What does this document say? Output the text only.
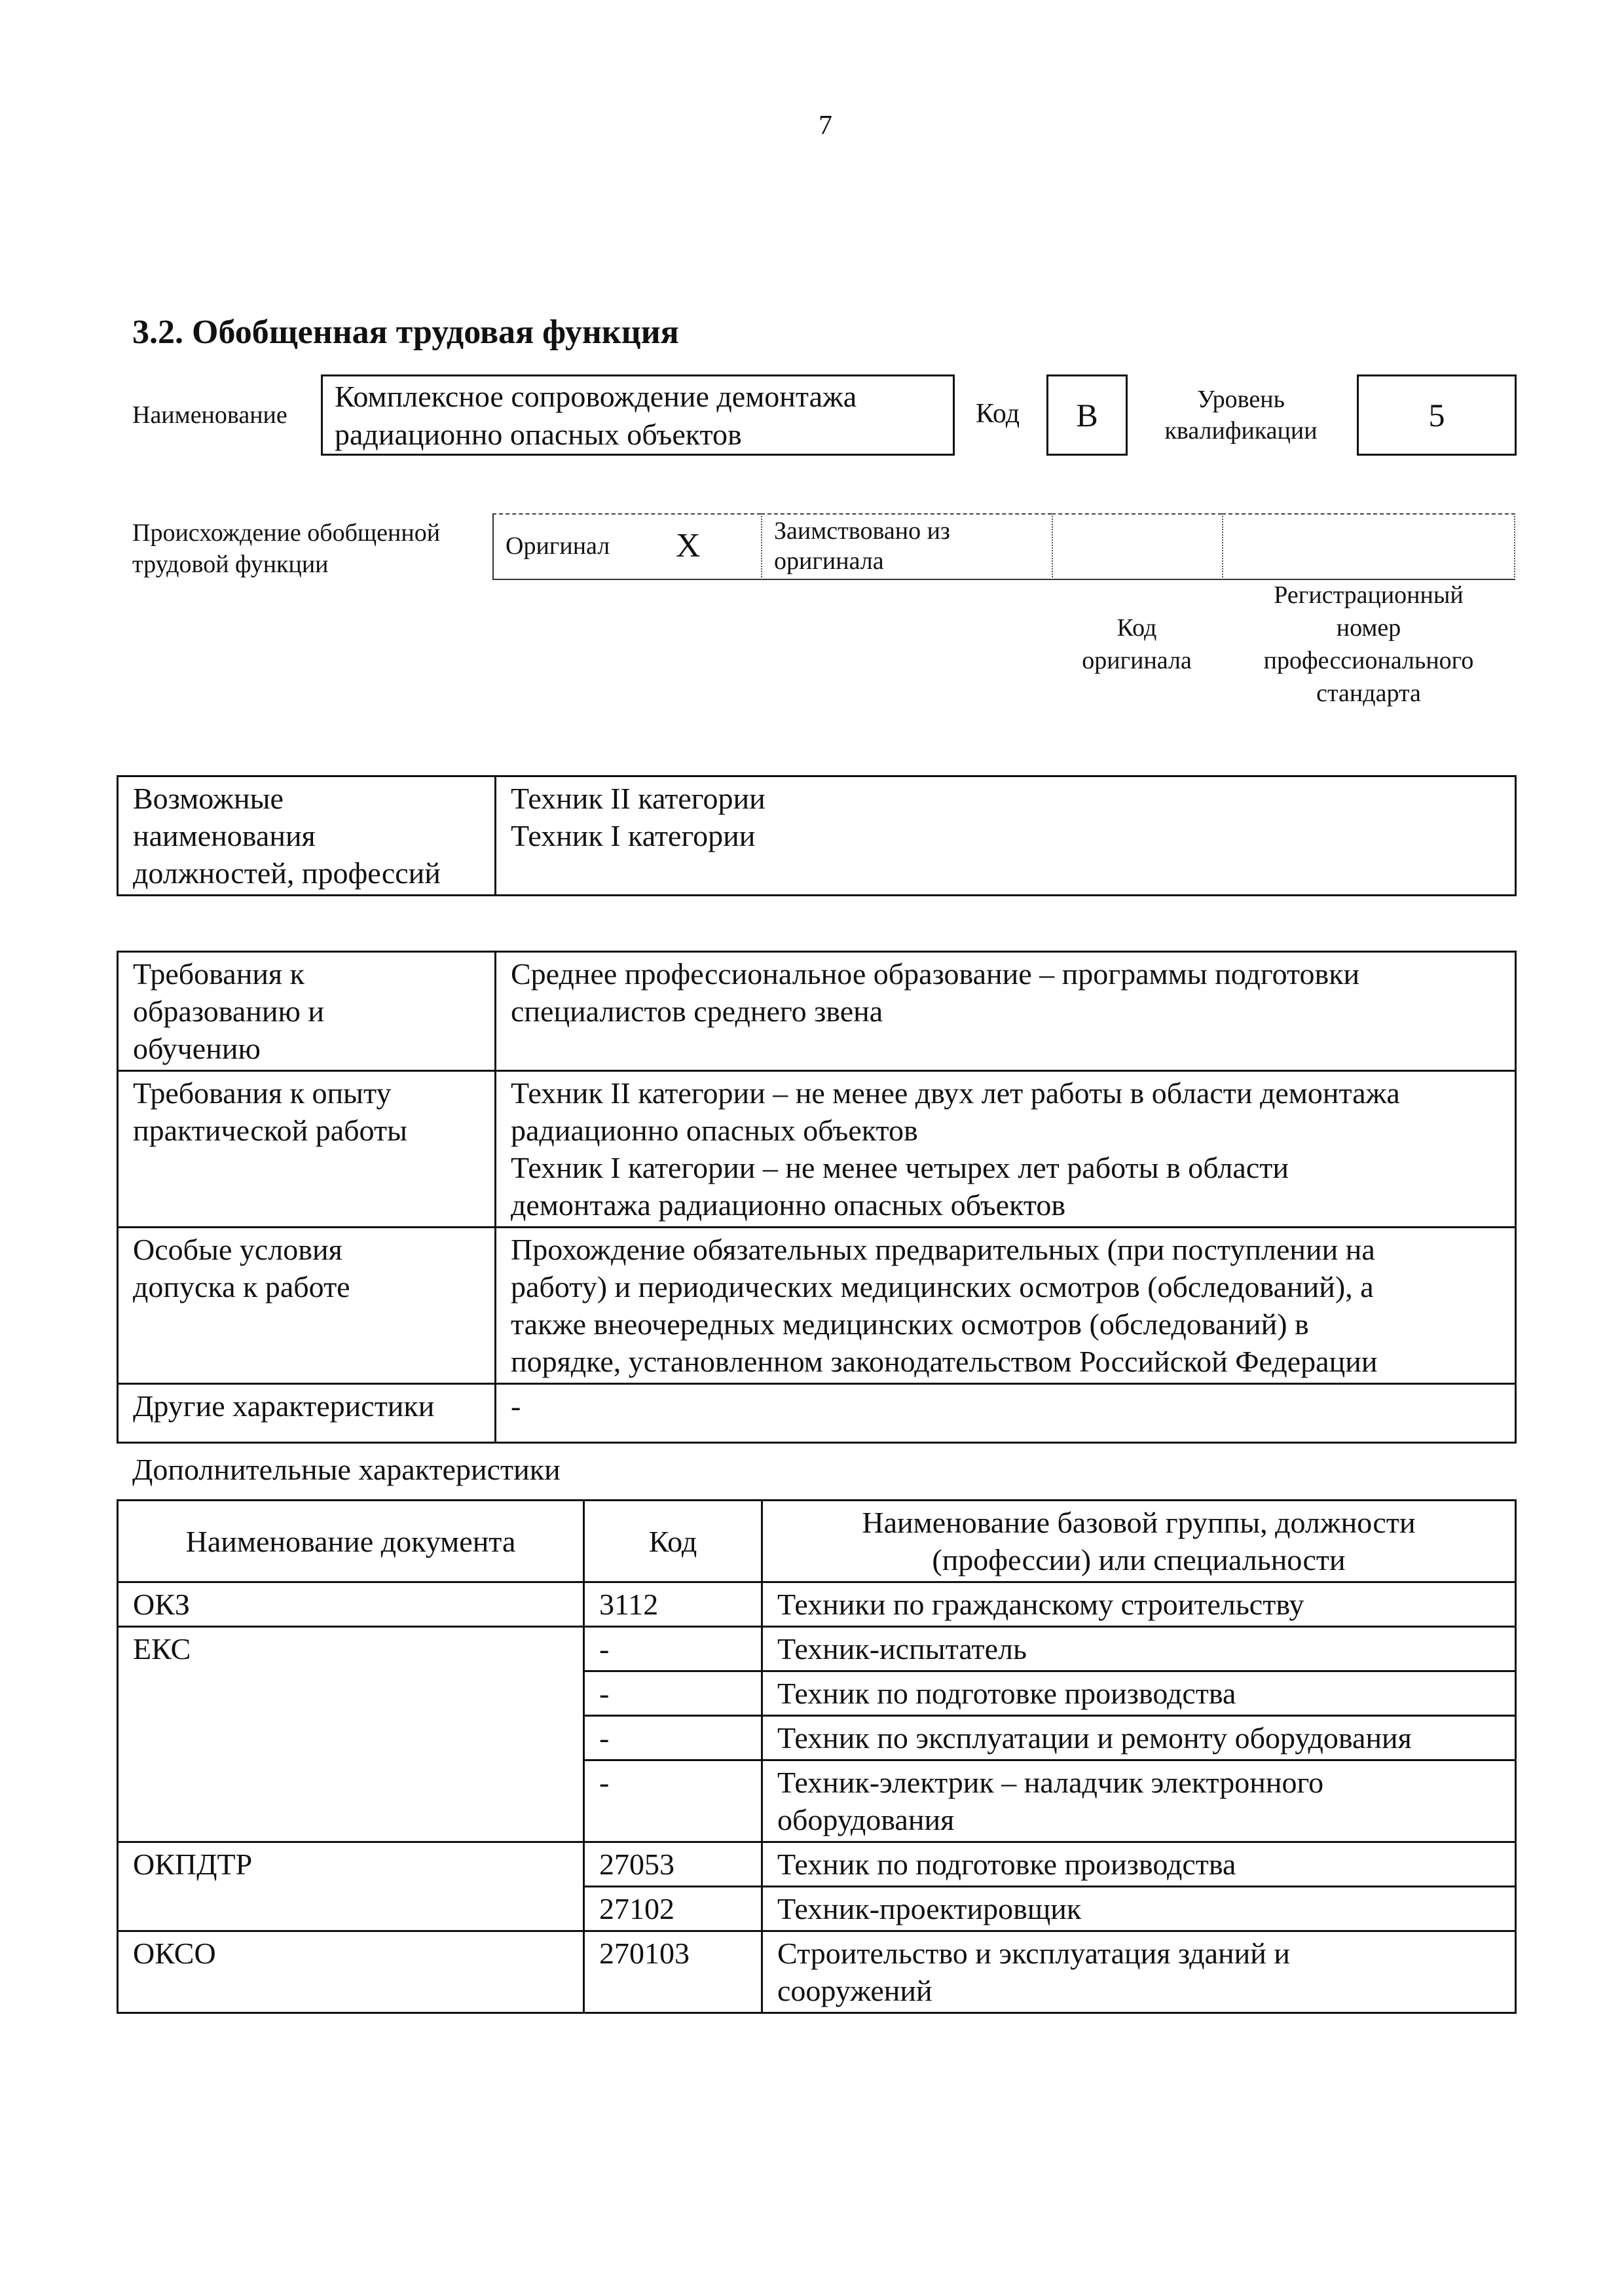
7
3.2. Обобщенная трудовая функция
Наименование
Комплексное сопровождение демонтажа радиационно опасных объектов
Код B	Уровень
квалификации	5
Происхождение обобщенной
трудовой функции
Оригинал X	Заимствовано из
оригинала
Код
оригинала
Регистрационный
номер
профессионального
стандарта
Возможные
наименования
должностей, профессий	Техник II категории
Техник I категории
Требования к
образованию и
обучению	Среднее профессиональное образование – программы подготовки
специалистов среднего звена
Требования к опыту
практической работы	Техник II категории – не менее двух лет работы в области демонтажа
радиационно опасных объектов
Техник I категории – не менее четырех лет работы в области
демонтажа радиационно опасных объектов
Особые условия
допуска к работе	Прохождение обязательных предварительных (при поступлении на
работу) и периодических медицинских осмотров (обследований), а
также внеочередных медицинских осмотров (обследований) в
порядке, установленном законодательством Российской Федерации
Другие характеристики	-
Дополнительные характеристики
Наименование документа	Код	Наименование базовой группы, должности
(профессии) или специальности
ОКЗ	3112	Техники по гражданскому строительству
ЕКС	-	Техник-испытатель
	-	Техник по подготовке производства
	-	Техник по эксплуатации и ремонту оборудования
	-	Техник-электрик – наладчик электронного
оборудования
ОКПДТР	27053	Техник по подготовке производства
	27102	Техник-проектировщик
ОКСО	270103	Строительство и эксплуатация зданий и
сооружений
